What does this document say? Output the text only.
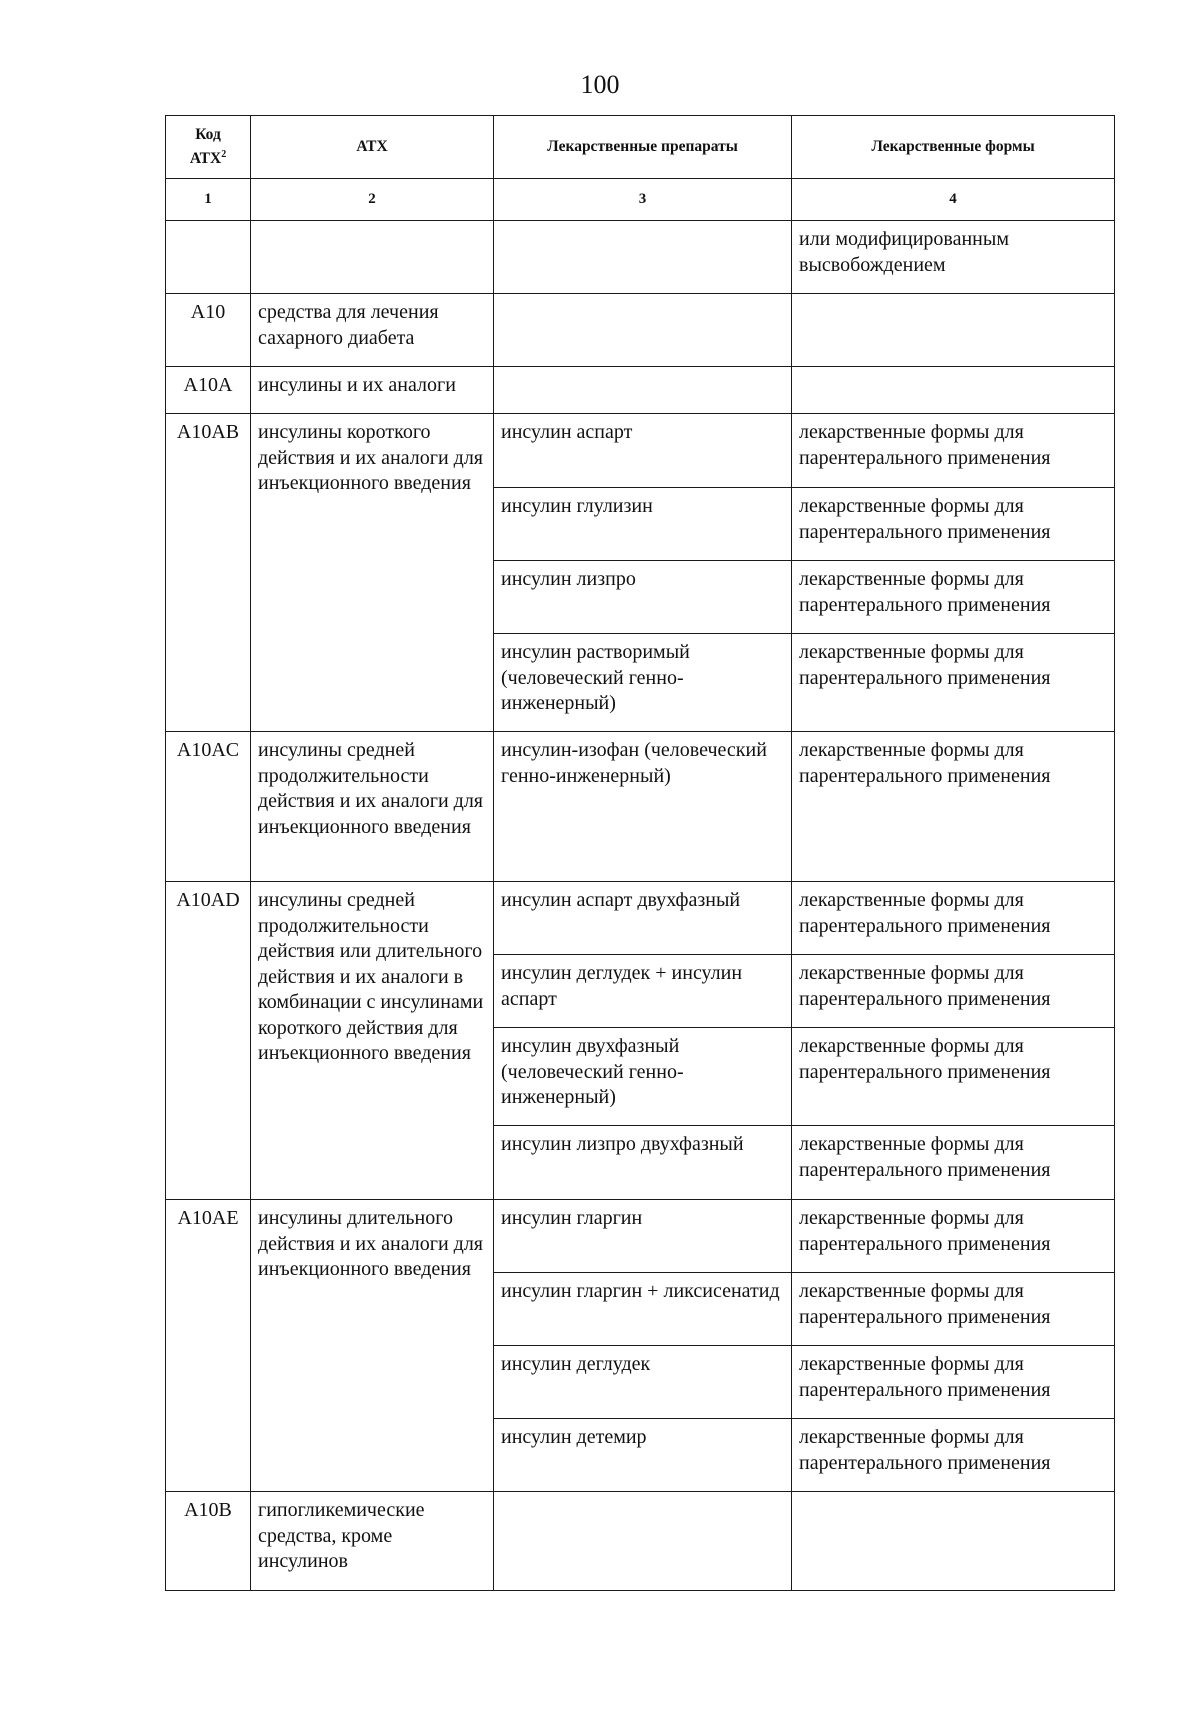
100
Код
АТХ$^2$	АТХ	Лекарственные препараты	Лекарственные формы
1	2	3	4
			или модифицированным высвобождением
A10	средства для лечения сахарного диабета		
A10A	инсулины и их аналоги		
A10AB	инсулины короткого действия и их аналоги для инъекционного введения	инсулин аспарт	лекарственные формы для парентерального применения
		инсулин глулизин	лекарственные формы для парентерального применения
		инсулин лизпро	лекарственные формы для парентерального применения
		инсулин растворимый (человеческий генно-инженерный)	лекарственные формы для парентерального применения
A10AC	инсулины средней продолжительности действия и их аналоги для инъекционного введения	инсулин-изофан (человеческий генно-инженерный)	лекарственные формы для парентерального применения
A10AD	инсулины средней продолжительности действия или длительного действия и их аналоги в комбинации с инсулинами короткого действия для инъекционного введения	инсулин аспарт двухфазный	лекарственные формы для парентерального применения
		инсулин деглудек + инсулин аспарт	лекарственные формы для парентерального применения
		инсулин двухфазный (человеческий генно-инженерный)	лекарственные формы для парентерального применения
		инсулин лизпро двухфазный	лекарственные формы для парентерального применения
A10AE	инсулины длительного действия и их аналоги для инъекционного введения	инсулин гларгин	лекарственные формы для парентерального применения
		инсулин гларгин + ликсисенатид	лекарственные формы для парентерального применения
		инсулин деглудек	лекарственные формы для парентерального применения
		инсулин детемир	лекарственные формы для парентерального применения
A10B	гипогликемические средства, кроме инсулинов		
